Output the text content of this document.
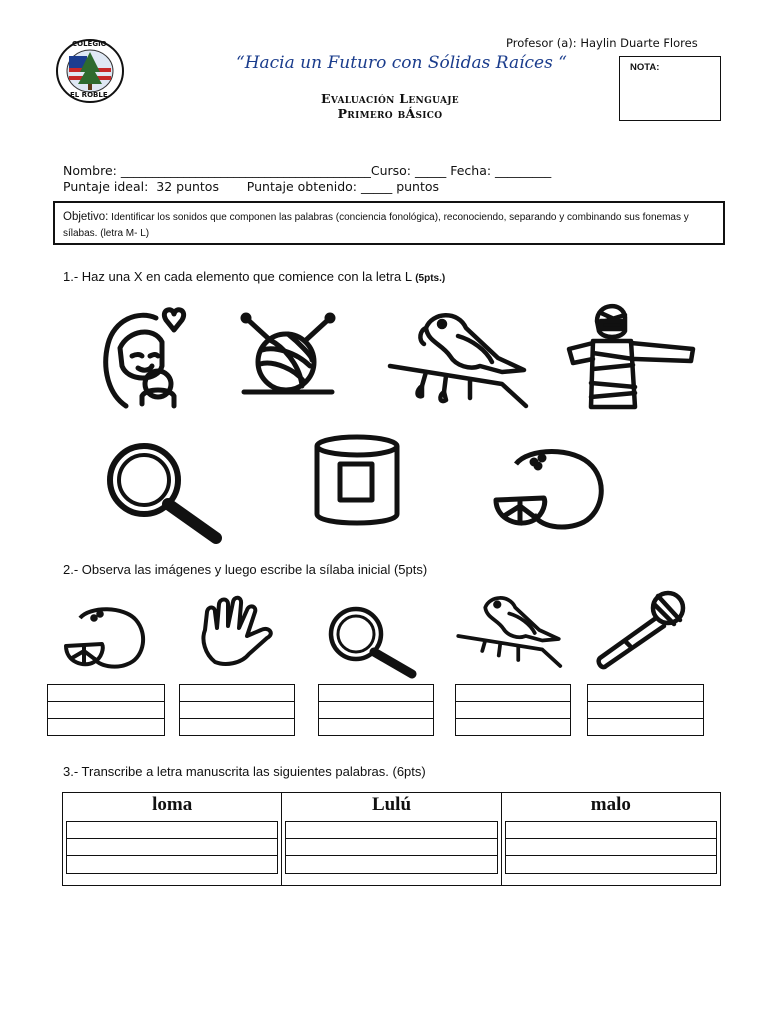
COLEGIO
EL ROBLE
Profesor (a): Haylin Duarte Flores
“Hacia un Futuro con Sólidas Raíces “	NOTA:
Evaluación Lenguaje
Primero bÁsico
Nombre: ________________________________________Curso: _____ Fecha: _________
Puntaje ideal:  32 puntos       Puntaje obtenido: _____ puntos
Objetivo: Identificar los sonidos que componen las palabras (conciencia fonológica), reconociendo, separando y combinando sus fonemas y sílabas. (letra M- L)
1.- Haz una X en cada elemento que comience con la letra L (5pts.)
2.- Observa las imágenes y luego escribe la sílaba inicial (5pts)
3.- Transcribe a letra manuscrita las siguientes palabras. (6pts)
loma	Lulú	malo
